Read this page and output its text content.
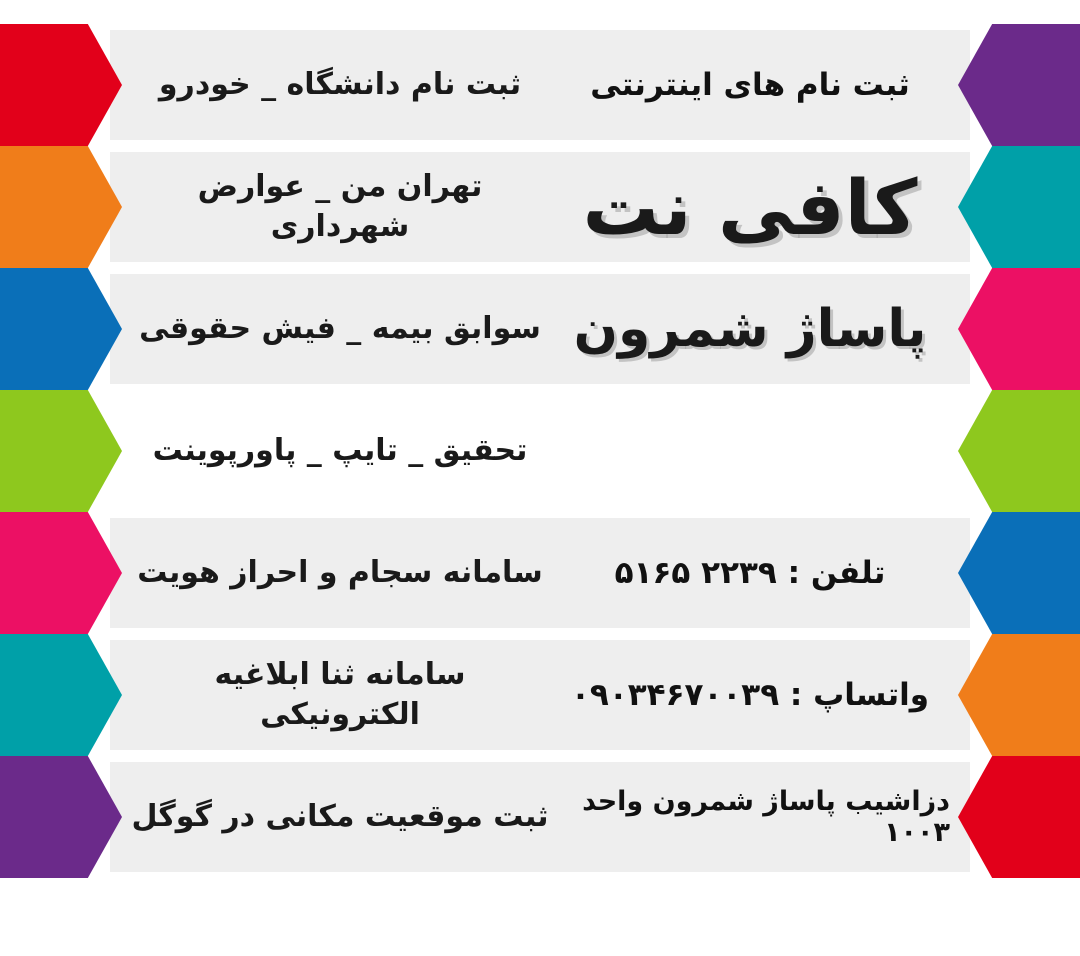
ثبت نام های اینترنتی
ثبت نام دانشگاه _ خودرو
کافی نت
تهران من _ عوارض شهرداری
پاساژ شمرون
سوابق بیمه _ فیش حقوقی
تحقیق _ تایپ _ پاورپوینت
تلفن : ۲۲۳۹ ۵۱۶۵
سامانه سجام و احراز هویت
واتساپ : ۰۹۰۳۴۶۷۰۰۳۹
سامانه ثنا ابلاغیه الکترونیکی
دزاشیب پاساژ شمرون واحد ۱۰۰۳
ثبت موقعیت مکانی در گوگل
